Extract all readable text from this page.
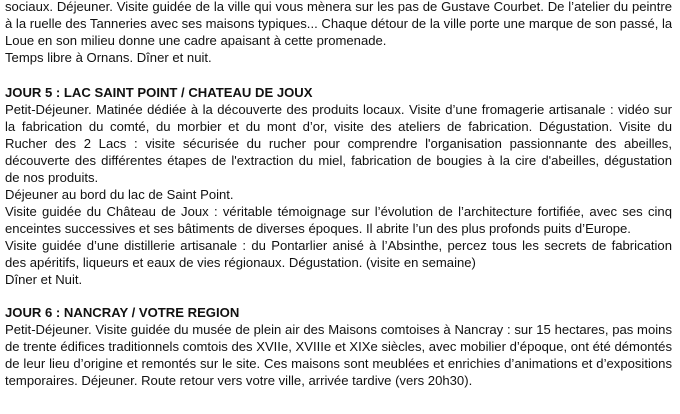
sociaux. Déjeuner. Visite guidée de la ville qui vous mènera sur les pas de Gustave Courbet. De l’atelier du peintre
à la ruelle des Tanneries avec ses maisons typiques... Chaque détour de la ville porte une marque de son passé, la
Loue en son milieu donne une cadre apaisant à cette promenade.
Temps libre à Ornans. Dîner et nuit.
JOUR 5 : LAC SAINT POINT / CHATEAU DE JOUX
Petit-Déjeuner. Matinée dédiée à la découverte des produits locaux. Visite d’une fromagerie artisanale : vidéo sur
la fabrication du comté, du morbier et du mont d’or, visite des ateliers de fabrication. Dégustation. Visite du
Rucher des 2 Lacs : visite sécurisée du rucher pour comprendre l'organisation passionnante des abeilles,
découverte des différentes étapes de l'extraction du miel, fabrication de bougies à la cire d'abeilles, dégustation
de nos produits.
Déjeuner au bord du lac de Saint Point.
Visite guidée du Château de Joux : véritable témoignage sur l’évolution de l’architecture fortifiée, avec ses cinq
enceintes successives et ses bâtiments de diverses époques. Il abrite l’un des plus profonds puits d’Europe.
Visite guidée d’une distillerie artisanale : du Pontarlier anisé à l’Absinthe, percez tous les secrets de fabrication
des apéritifs, liqueurs et eaux de vies régionaux. Dégustation. (visite en semaine)
Dîner et Nuit.
JOUR 6 : NANCRAY / VOTRE REGION
Petit-Déjeuner. Visite guidée du musée de plein air des Maisons comtoises à Nancray : sur 15 hectares, pas moins
de trente édifices traditionnels comtois des XVIIe, XVIIIe et XIXe siècles, avec mobilier d’époque, ont été démontés
de leur lieu d’origine et remontés sur le site. Ces maisons sont meublées et enrichies d’animations et d’expositions
temporaires. Déjeuner. Route retour vers votre ville, arrivée tardive (vers 20h30).
